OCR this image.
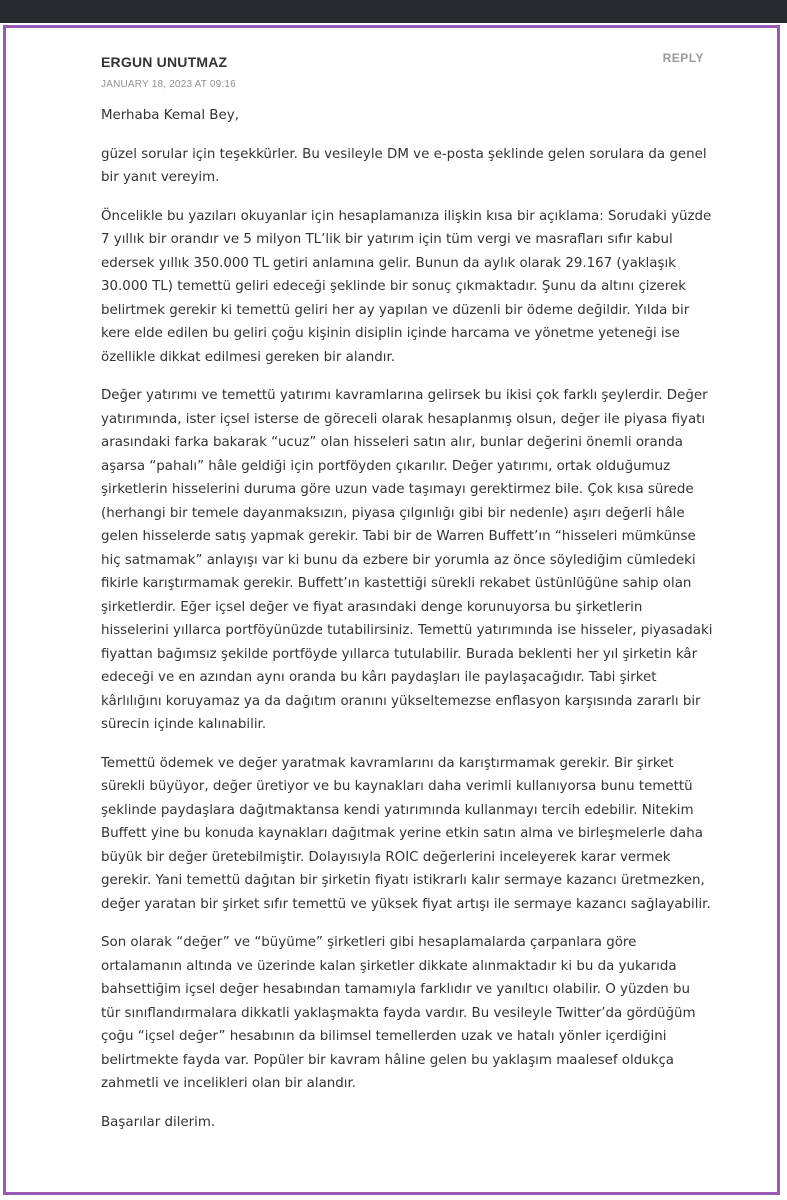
ERGUN UNUTMAZ
JANUARY 18, 2023 AT 09:16
REPLY

Merhaba Kemal Bey,

güzel sorular için teşekkürler. Bu vesileyle DM ve e-posta şeklinde gelen sorulara da genel bir yanıt vereyim.

Öncelikle bu yazıları okuyanlar için hesaplamanıza ilişkin kısa bir açıklama: Sorudaki yüzde 7 yıllık bir orandır ve 5 milyon TL’lik bir yatırım için tüm vergi ve masrafları sıfır kabul edersek yıllık 350.000 TL getiri anlamına gelir. Bunun da aylık olarak 29.167 (yaklaşık 30.000 TL) temettü geliri edeceği şeklinde bir sonuç çıkmaktadır. Şunu da altını çizerek belirtmek gerekir ki temettü geliri her ay yapılan ve düzenli bir ödeme değildir. Yılda bir kere elde edilen bu geliri çoğu kişinin disiplin içinde harcama ve yönetme yeteneği ise özellikle dikkat edilmesi gereken bir alandır.

Değer yatırımı ve temettü yatırımı kavramlarına gelirsek bu ikisi çok farklı şeylerdir. Değer yatırımında, ister içsel isterse de göreceli olarak hesaplanmış olsun, değer ile piyasa fiyatı arasındaki farka bakarak “ucuz” olan hisseleri satın alır, bunlar değerini önemli oranda aşarsa “pahalı” hâle geldiği için portföyden çıkarılır. Değer yatırımı, ortak olduğumuz şirketlerin hisselerini duruma göre uzun vade taşımayı gerektirmez bile. Çok kısa sürede (herhangi bir temele dayanmaksızın, piyasa çılgınlığı gibi bir nedenle) aşırı değerli hâle gelen hisselerde satış yapmak gerekir. Tabi bir de Warren Buffett’ın “hisseleri mümkünse hiç satmamak” anlayışı var ki bunu da ezbere bir yorumla az önce söylediğim cümledeki fikirle karıştırmamak gerekir. Buffett’ın kastettiği sürekli rekabet üstünlüğüne sahip olan şirketlerdir. Eğer içsel değer ve fiyat arasındaki denge korunuyorsa bu şirketlerin hisselerini yıllarca portföyünüzde tutabilirsiniz. Temettü yatırımında ise hisseler, piyasadaki fiyattan bağımsız şekilde portföyde yıllarca tutulabilir. Burada beklenti her yıl şirketin kâr edeceği ve en azından aynı oranda bu kârı paydaşları ile paylaşacağıdır. Tabi şirket kârlılığını koruyamaz ya da dağıtım oranını yükseltemezse enflasyon karşısında zararlı bir sürecin içinde kalınabilir.

Temettü ödemek ve değer yaratmak kavramlarını da karıştırmamak gerekir. Bir şirket sürekli büyüyor, değer üretiyor ve bu kaynakları daha verimli kullanıyorsa bunu temettü şeklinde paydaşlara dağıtmaktansa kendi yatırımında kullanmayı tercih edebilir. Nitekim Buffett yine bu konuda kaynakları dağıtmak yerine etkin satın alma ve birleşmelerle daha büyük bir değer üretebilmiştir. Dolayısıyla ROIC değerlerini inceleyerek karar vermek gerekir. Yani temettü dağıtan bir şirketin fiyatı istikrarlı kalır sermaye kazancı üretmezken, değer yaratan bir şirket sıfır temettü ve yüksek fiyat artışı ile sermaye kazancı sağlayabilir.

Son olarak “değer” ve “büyüme” şirketleri gibi hesaplamalarda çarpanlara göre ortalamanın altında ve üzerinde kalan şirketler dikkate alınmaktadır ki bu da yukarıda bahsettiğim içsel değer hesabından tamamıyla farklıdır ve yanıltıcı olabilir. O yüzden bu tür sınıflandırmalara dikkatli yaklaşmakta fayda vardır. Bu vesileyle Twitter’da gördüğüm çoğu “içsel değer” hesabının da bilimsel temellerden uzak ve hatalı yönler içerdiğini belirtmekte fayda var. Popüler bir kavram hâline gelen bu yaklaşım maalesef oldukça zahmetli ve incelikleri olan bir alandır.

Başarılar dilerim.
